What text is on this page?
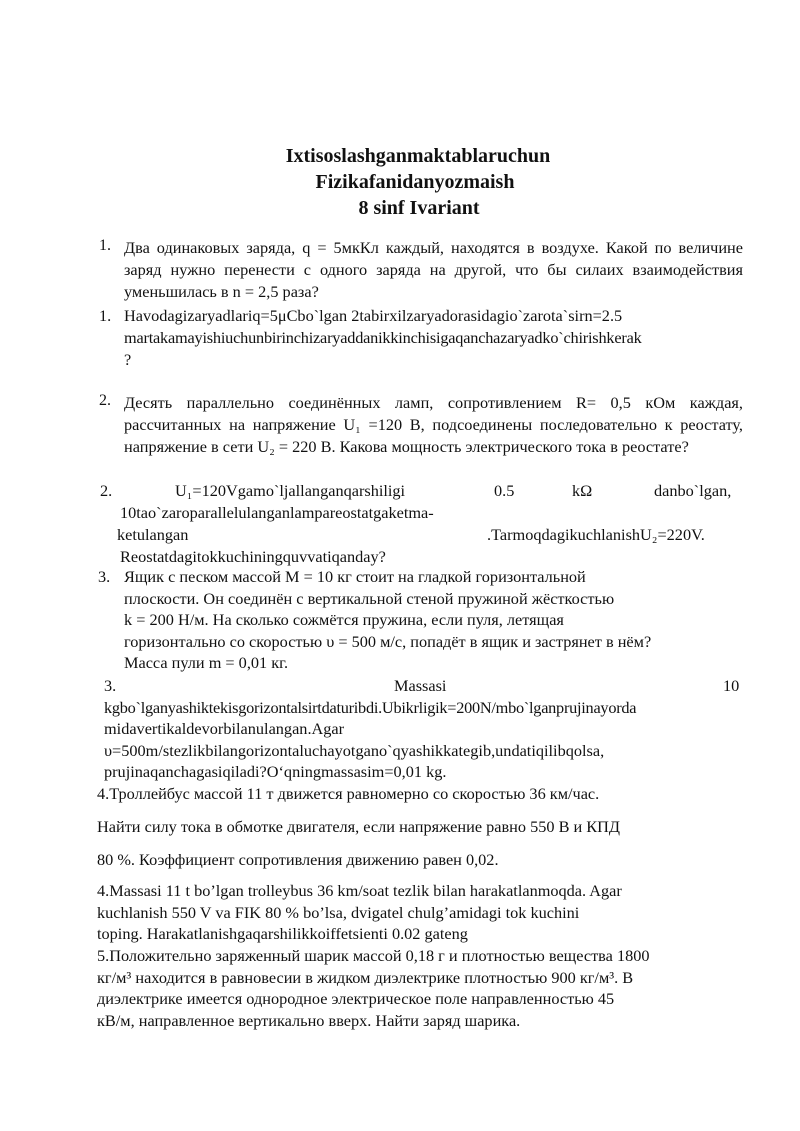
Ixtisoslashganmaktablaruchun
Fizikafanidanyozmaish
8 sinf Ivariant
1. Два одинаковых заряда, q = 5мкКл каждый, находятся в воздухе. Какой по величине заряд нужно перенести с одного заряда на другой, что бы силаих взаимодействия уменьшилась в n = 2,5 раза?
1. Havodagizaryadlariq=5μCbo`lgan 2tabirxilzaryadorasidagio`zarota`sirn=2.5
martakamayishiuchunbirinchizaryaddanikkinchisigaqanchazaryadko`chirishkerak
?
2. Десять параллельно соединённых ламп, сопротивлением R= 0,5 кОм каждая, рассчитанных на напряжение U₁ =120 В, подсоединены последовательно к реостату, напряжение в сети U₂ = 220 В. Какова мощность электрического тока в реостате?
2.	U₁=120Vgamo`ljallanganqarshiligi	0.5	kΩ	danbo`lgan,
10tao`zaroparallelulanganlampareostatgaketma-
ketulangan	.TarmoqdagikuchlanishU₂=220V.
Reostatdagitokkuchiningquvvatiqanday?
3. Ящик с песком массой M = 10 кг стоит на гладкой горизонтальной
плоскости. Он соединён с вертикальной стеной пружиной жёсткостью
k = 200 Н/м. На сколько сожмётся пружина, если пуля, летящая
горизонтально со скоростью υ = 500 м/с, попадёт в ящик и застрянет в нём?
Масса пули m = 0,01 кг.
3.	Massasi	10
kgbo`lganyashiktekisgorizontalsirtdaturibdi.Ubikrligik=200N/mbo`lganprujinayorda
midavertikaldevorbilanulangan.Agar
υ=500m/stezlikbilangorizontaluchayotgano`qyashikkategib,undatiqilibqolsa,
prujinaqanchagasiqiladi?O‘qningmassasim=0,01 kg.
4.Троллейбус массой 11 т движется равномерно со скоростью 36 км/час.
Найти силу тока в обмотке двигателя, если напряжение равно 550 В и КПД
80 %. Коэффициент сопротивления движению равен 0,02.
4.Massasi 11 t bo’lgan trolleybus 36 km/soat tezlik bilan harakatlanmoqda. Agar
kuchlanish 550 V va FIK 80 % bo’lsa, dvigatel chulg’amidagi tok kuchini
toping. Harakatlanishgaqarshilikkoiffetsienti 0.02 gateng
5.Положительно заряженный шарик массой 0,18 г и плотностью вещества 1800
кг/м³ находится в равновесии в жидком диэлектрике плотностью 900 кг/м³. В
диэлектрике имеется однородное электрическое поле направленностью 45
кВ/м, направленное вертикально вверх. Найти заряд шарика.
